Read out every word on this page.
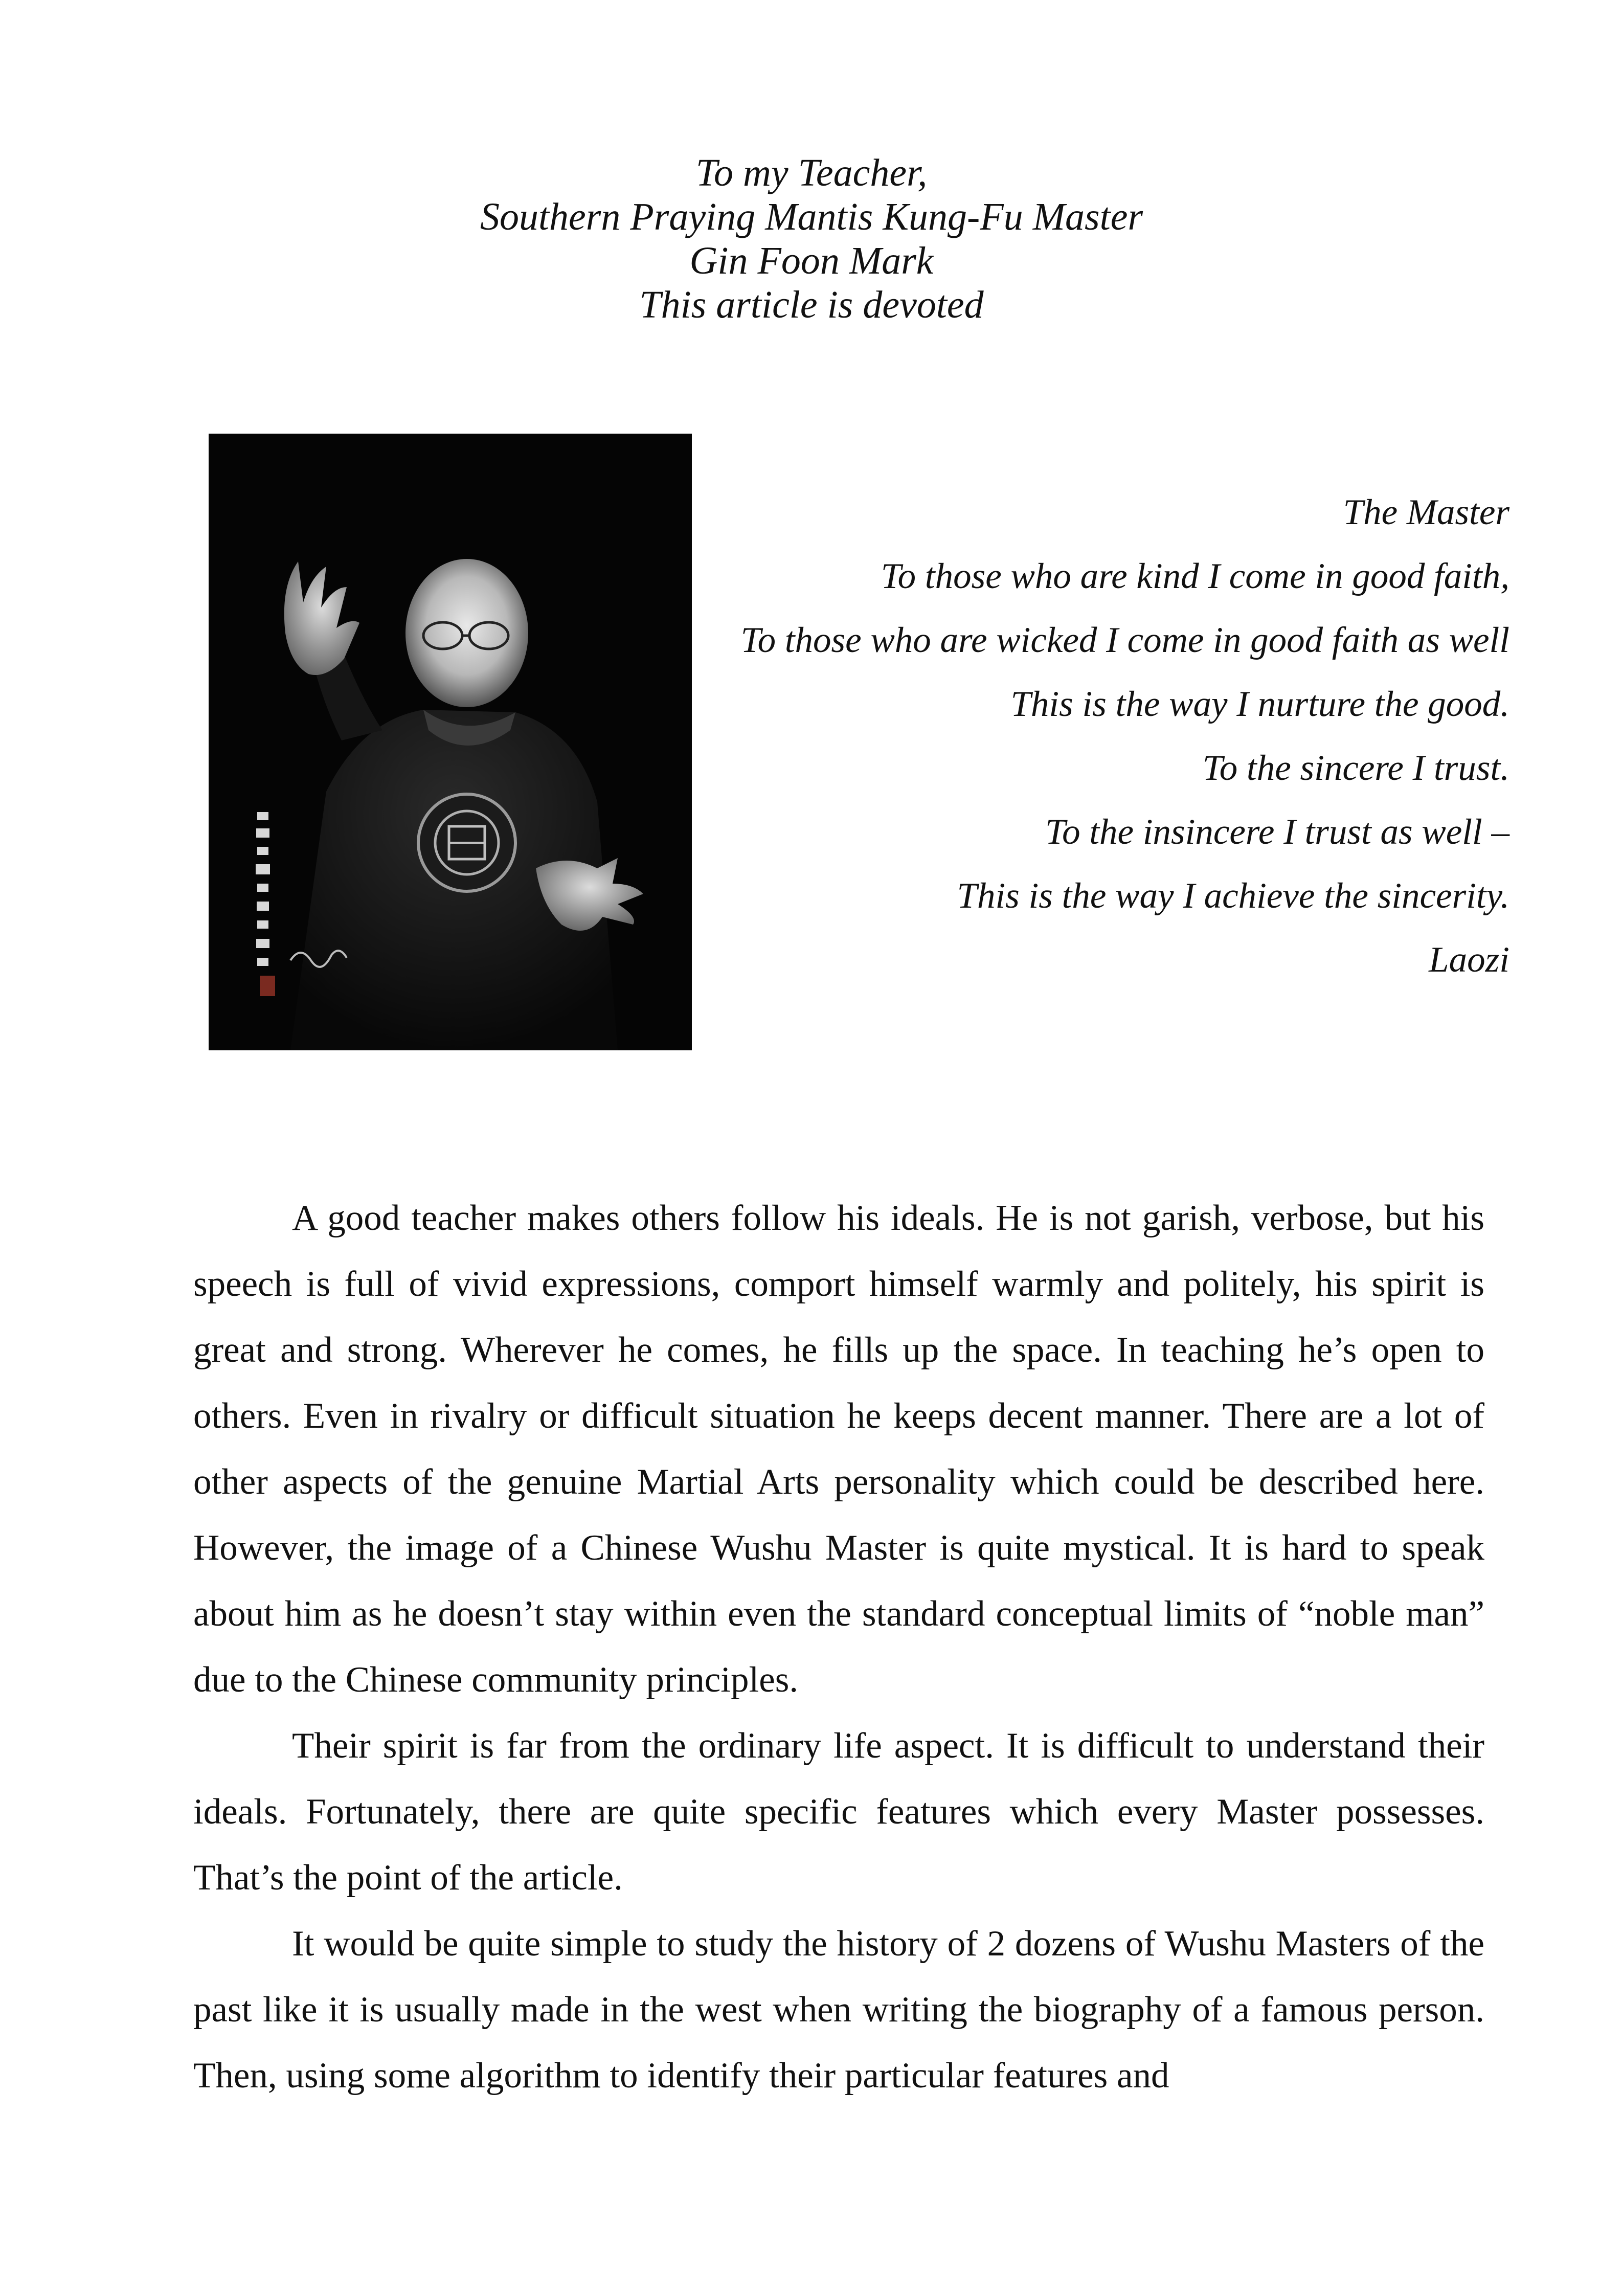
To my Teacher,
Southern Praying Mantis Kung-Fu Master
Gin Foon Mark
This article is devoted
The Master
To those who are kind I come in good faith,
To those who are wicked I come in good faith as well
This is the way I nurture the good.
To the sincere I trust.
To the insincere I trust as well –
This is the way I achieve the sincerity.
Laozi

A good teacher makes others follow his ideals. He is not garish, verbose, but his speech is full of vivid expressions, comport himself warmly and politely, his spirit is great and strong. Wherever he comes, he fills up the space. In teaching he’s open to others. Even in rivalry or difficult situation he keeps decent manner. There are a lot of other aspects of the genuine Martial Arts personality which could be described here. However, the image of a Chinese Wushu Master is quite mystical. It is hard to speak about him as he doesn’t stay within even the standard conceptual limits of “noble man” due to the Chinese community principles.

Their spirit is far from the ordinary life aspect. It is difficult to understand their ideals. Fortunately, there are quite specific features which every Master possesses. That’s the point of the article.

It would be quite simple to study the history of 2 dozens of Wushu Masters of the past like it is usually made in the west when writing the biography of a famous person. Then, using some algorithm to identify their particular features and
